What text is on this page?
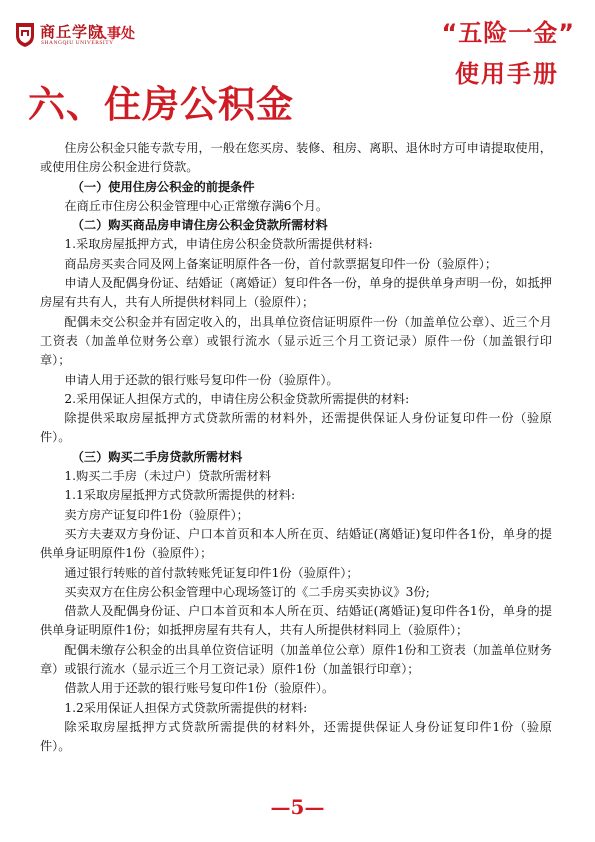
商丘学院
SHANGQIU UNIVERSITY
人事处	“五险一金”
使用手册
六、住房公积金

住房公积金只能专款专用，一般在您买房、装修、租房、离职、退休时方可申请提取使用，或使用住房公积金进行贷款。

（一）使用住房公积金的前提条件

在商丘市住房公积金管理中心正常缴存满6个月。

（二）购买商品房申请住房公积金贷款所需材料

1.采取房屋抵押方式，申请住房公积金贷款所需提供材料:

商品房买卖合同及网上备案证明原件各一份，首付款票据复印件一份（验原件）；

申请人及配偶身份证、结婚证（离婚证）复印件各一份，单身的提供单身声明一份，如抵押房屋有共有人，共有人所提供材料同上（验原件）；

配偶未交公积金并有固定收入的，出具单位资信证明原件一份（加盖单位公章）、近三个月工资表（加盖单位财务公章）或银行流水（显示近三个月工资记录）原件一份（加盖银行印章）；

申请人用于还款的银行账号复印件一份（验原件）。

2.采用保证人担保方式的，申请住房公积金贷款所需提供的材料:

除提供采取房屋抵押方式贷款所需的材料外，还需提供保证人身份证复印件一份（验原件）。

（三）购买二手房贷款所需材料

1.购买二手房（未过户）贷款所需材料

1.1采取房屋抵押方式贷款所需提供的材料:

卖方房产证复印件1份（验原件）；

买方夫妻双方身份证、户口本首页和本人所在页、结婚证(离婚证)复印件各1份，单身的提供单身证明原件1份（验原件）；

通过银行转账的首付款转账凭证复印件1份（验原件）；

买卖双方在住房公积金管理中心现场签订的《二手房买卖协议》3份;

借款人及配偶身份证、户口本首页和本人所在页、结婚证(离婚证)复印件各1份，单身的提供单身证明原件1份；如抵押房屋有共有人，共有人所提供材料同上（验原件）；

配偶未缴存公积金的出具单位资信证明（加盖单位公章）原件1份和工资表（加盖单位财务章）或银行流水（显示近三个月工资记录）原件1份（加盖银行印章）；

借款人用于还款的银行账号复印件1份（验原件）。

1.2采用保证人担保方式贷款所需提供的材料:

除采取房屋抵押方式贷款所需提供的材料外，还需提供保证人身份证复印件1份（验原件）。

—5—
